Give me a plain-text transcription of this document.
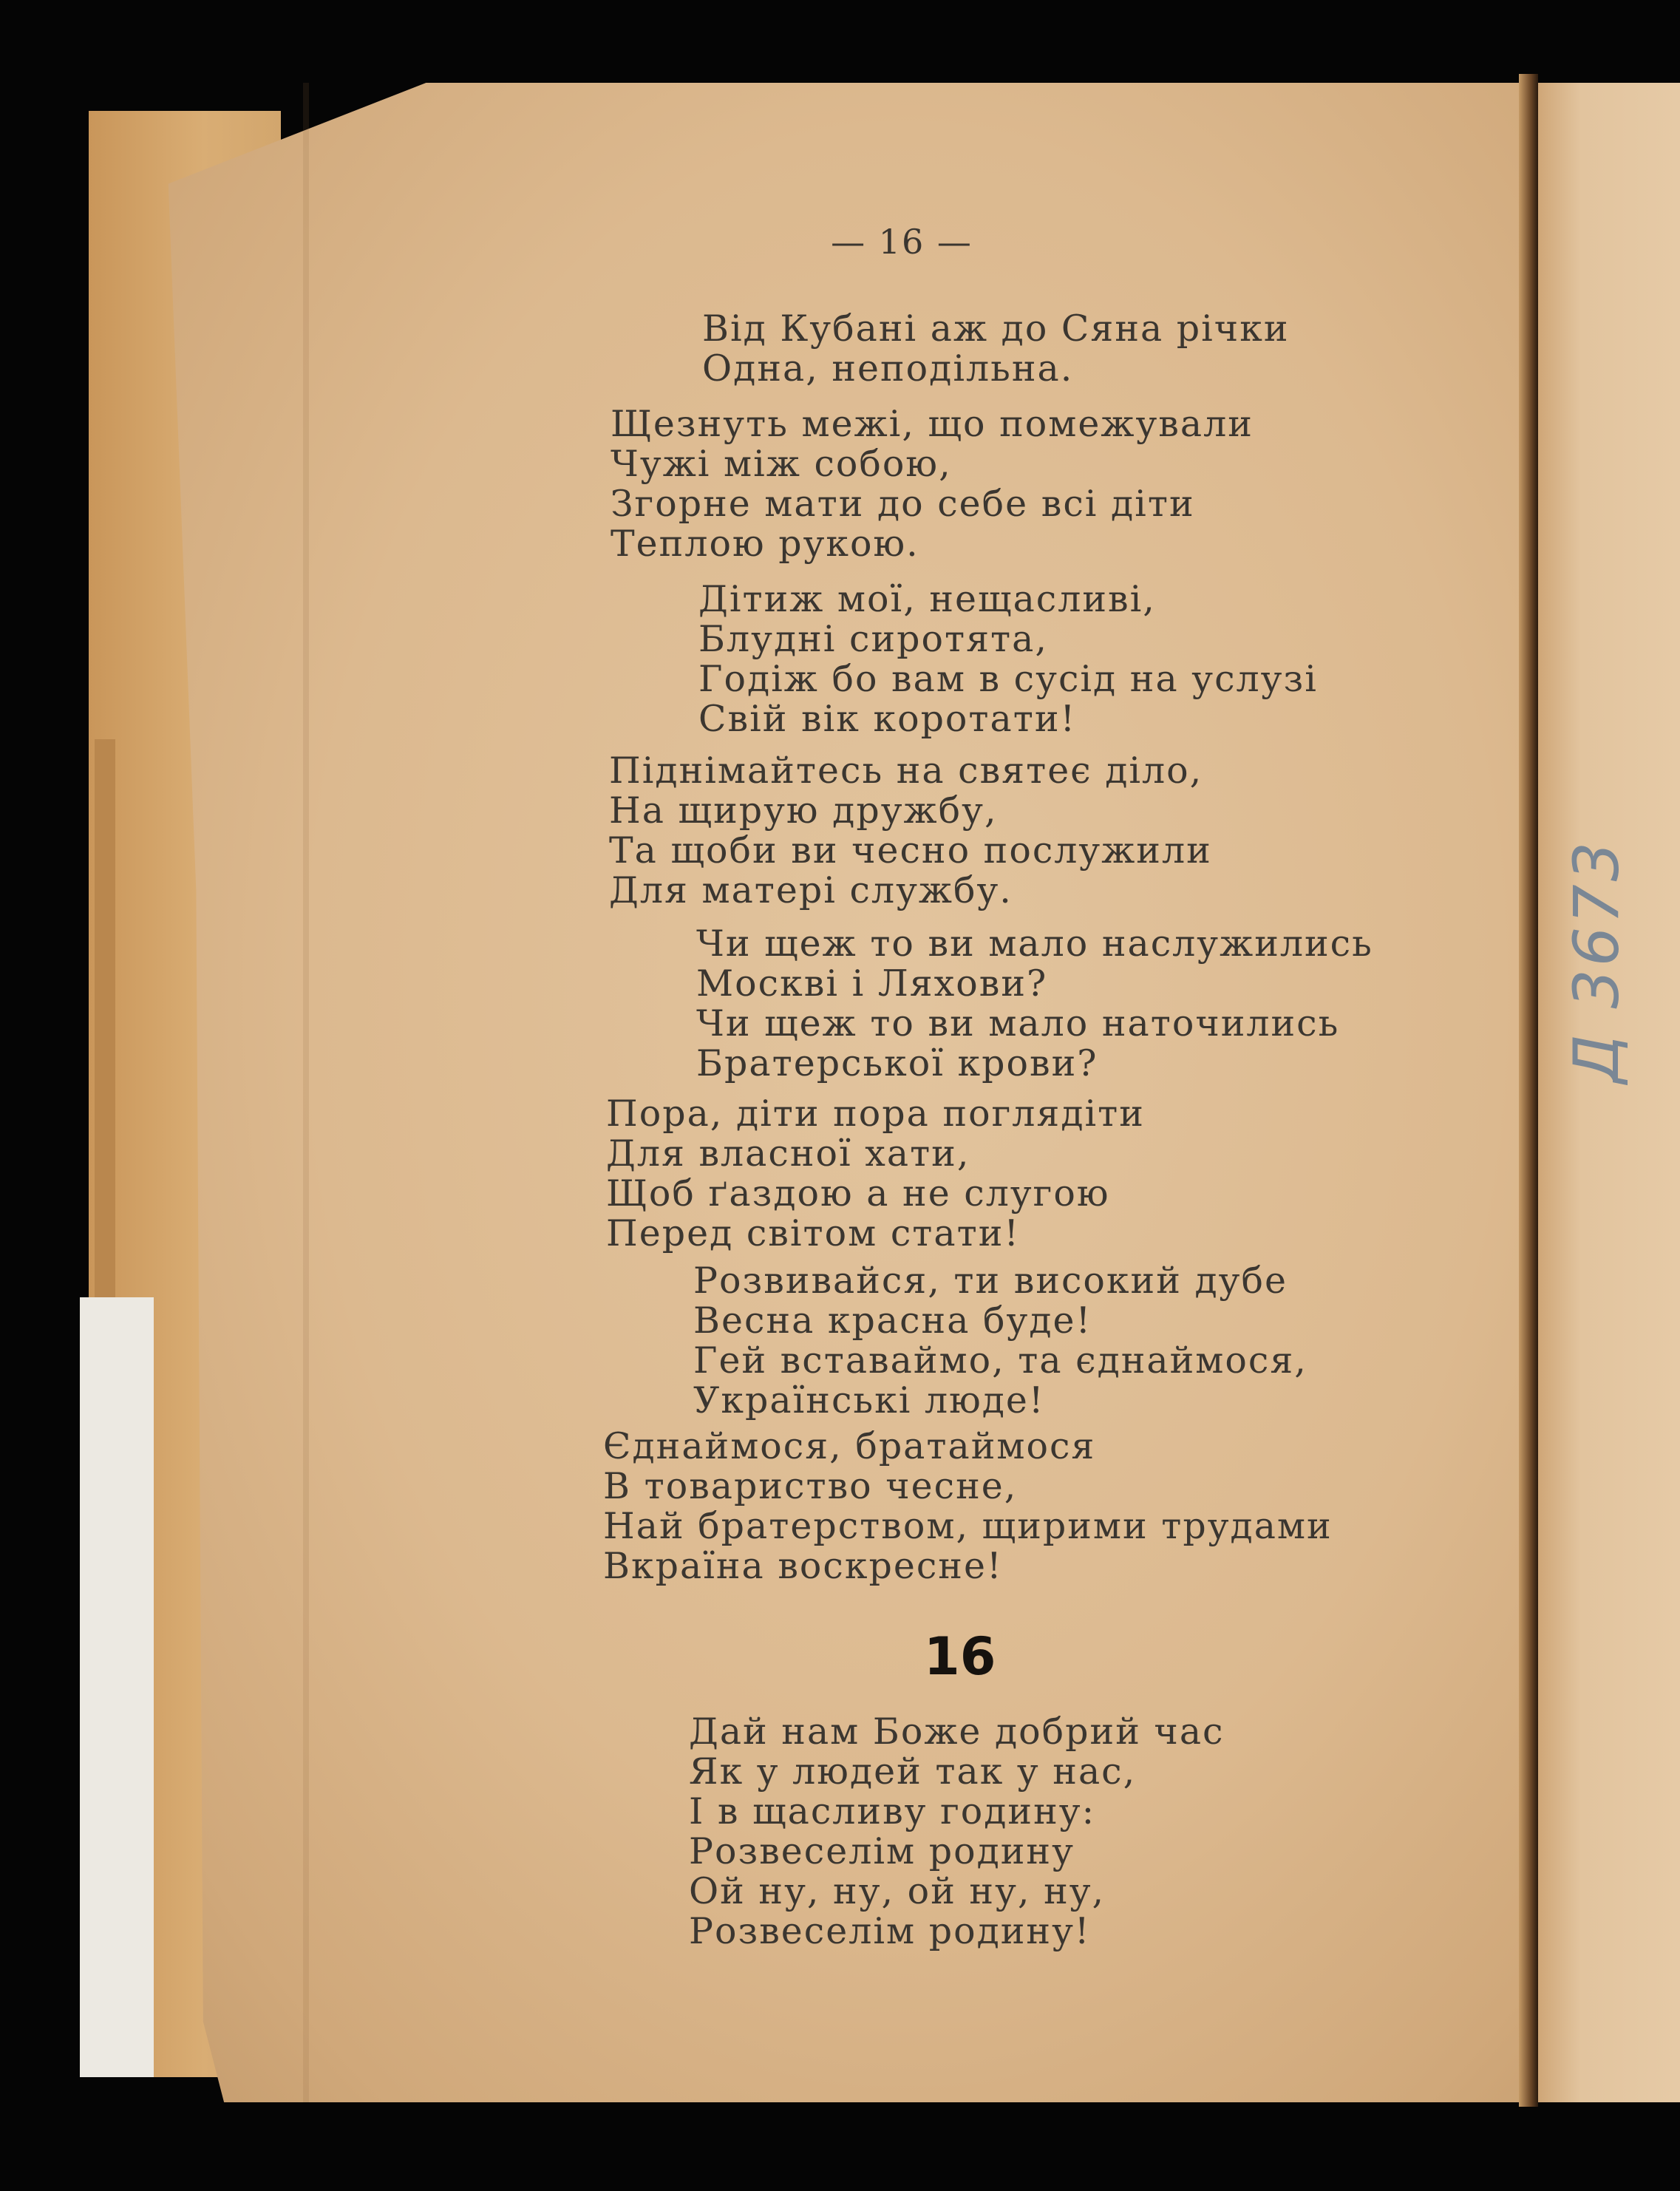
Д 3673
— 16 —
Від Кубані аж до Сяна річки
Одна, неподільна.
Щезнуть межі, що помежували
Чужі між собою,
Згорне мати до себе всі діти
Теплою рукою.
Дітиж мої, нещасливі,
Блудні сиротята,
Годіж бо вам в сусід на услузі
Свій вік коротати!
Піднімайтесь на святеє діло,
На щирую дружбу,
Та щоби ви чесно послужили
Для матері службу.
Чи щеж то ви мало наслужились
Москві і Ляхови?
Чи щеж то ви мало наточились
Братерської крови?
Пора, діти пора поглядіти
Для власної хати,
Щоб ґаздою а не слугою
Перед світом стати!
Розвивайся, ти високий дубе
Весна красна буде!
Гей вставаймо, та єднаймося,
Українські люде!
Єднаймося, братаймося
В товариство чесне,
Най братерством, щирими трудами
Вкраїна воскресне!
16
Дай нам Боже добрий час
Як у людей так у нас,
І в щасливу годину:
Розвеселім родину
Ой ну, ну, ой ну, ну,
Розвеселім родину!
